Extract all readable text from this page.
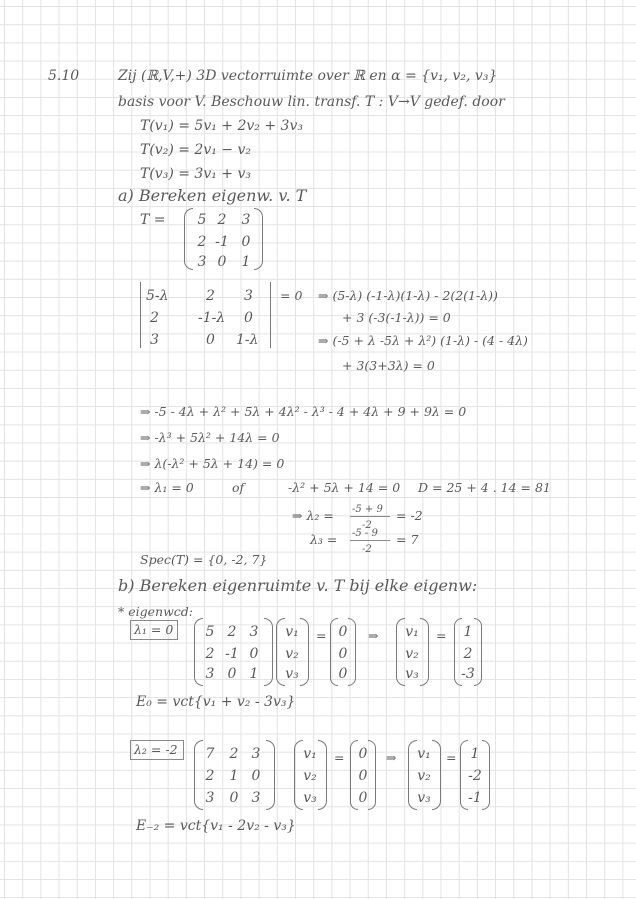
5.10	Zij (ℝ,V,+) 3D vectorruimte over ℝ en α = {v₁, v₂, v₃}
basis voor V. Beschouw lin. transf. T : V→V gedef. door
T(v₁) = 5v₁ + 2v₂ + 3v₃
T(v₂) = 2v₁ − v₂
T(v₃) = 3v₁ + v₃
a) Bereken eigenw. v. T
T =	5 2	3
2 -1 0
3 0	1
5-λ	2 3
2	-1-λ 0
3	0 1-λ
= 0 ⇒ (5-λ) (-1-λ)(1-λ) - 2(2(1-λ))
+ 3 (-3(-1-λ)) = 0
⇒ (-5 + λ -5λ + λ²) (1-λ) - (4 - 4λ)
+ 3(3+3λ) = 0
⇒ -5 - 4λ + λ² + 5λ + 4λ² - λ³ - 4 + 4λ + 9 + 9λ = 0
⇒ -λ³ + 5λ² + 14λ = 0
⇒ λ(-λ² + 5λ + 14) = 0
⇒ λ₁ = 0	of	-λ² + 5λ + 14 = 0 D = 25 + 4 . 14 = 81
⇒ λ₂ = -5 + 9
-2
= -2
λ₃ = -5 - 9
-2
= 7
Spec(T) = {0, -2, 7}
b) Bereken eigenruimte v. T bij elke eigenw:
* eigenwcd:
λ₁ = 0	5 2 3
2 -1 0
3 0 1
v₁
v₂
v₃
= 0
0
0
⇒ v₁
v₂
v₃
=	1
2
-3
E₀ = vct{v₁ + v₂ - 3v₃}
λ₂ = -2	7	2 3
2	1 0
3	0 3
v₁
v₂
v₃
=	0
0
0
⇒ v₁
v₂
v₃
=	1
-2
-1
E₋₂ = vct{v₁ - 2v₂ - v₃}
